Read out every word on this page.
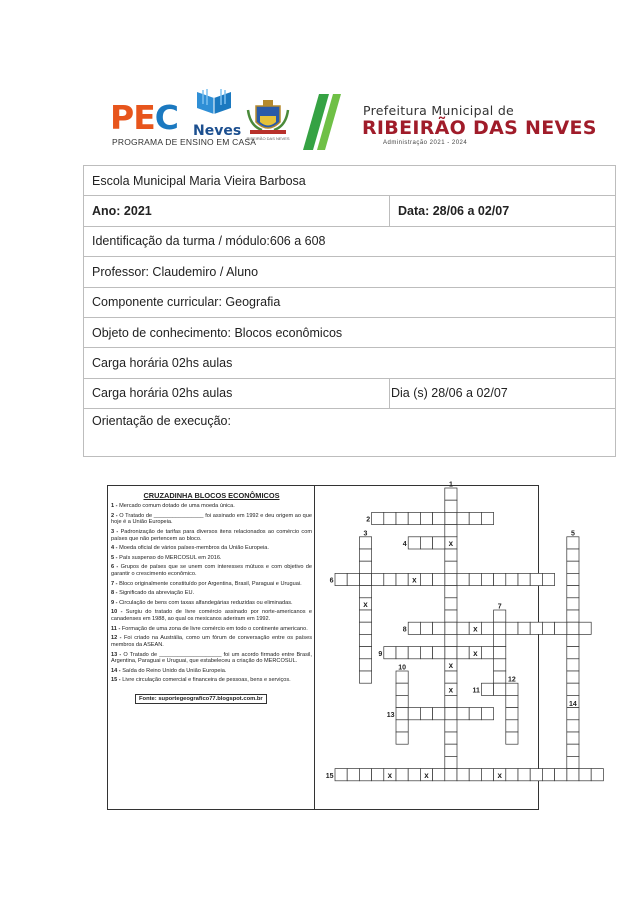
PEC Neves
PROGRAMA DE ENSINO EM CASA
RIBEIRÃO DAS NEVES
Prefeitura Municipal de
RIBEIRÃO DAS NEVES
Administração 2021 - 2024
Escola Municipal Maria Vieira Barbosa	
Ano: 2021	Data: 28/06 a 02/07
Identificação da turma / módulo:606 a 608	
Professor: Claudemiro / Aluno	
Componente curricular: Geografia	
Objeto de conhecimento: Blocos econômicos	
Carga horária 02hs aulas	
Carga horária 02hs aulas	Dia (s) 28/06 a 02/07
Orientação de execução:	
CRUZADINHA BLOCOS ECONÔMICOS
1 - Mercado comum dotado de uma moeda única.
2 - O Tratado de ________________ foi assinado em 1992 e deu origem ao que hoje é a União Europeia.
3 - Padronização de tarifas para diversos itens relacionados ao comércio com países que não pertencem ao bloco.
4 - Moeda oficial de vários países-membros da União Europeia.
5 - País suspenso do MERCOSUL em 2016.
6 - Grupos de países que se unem com interesses mútuos e com objetivo de garantir o crescimento econômico.
7 - Bloco originalmente constituído por Argentina, Brasil, Paraguai e Uruguai.
8 - Significado da abreviação EU.
9 - Circulação de bens com taxas alfandegárias reduzidas ou eliminadas.
10 - Surgiu do tratado de livre comércio assinado por norte-americanos e canadenses em 1988, ao qual os mexicanos aderiram em 1992.
11 - Formação de uma zona de livre comércio em todo o continente americano.
12 - Foi criado na Austrália, como um fórum de conversação entre os países membros da ASEAN.
13 - O Tratado de ____________________ foi um acordo firmado entre Brasil, Argentina, Paraguai e Uruguai, que estabeleceu a criação do MERCOSUL.
14 - Saída do Reino Unido da União Europeia.
15 - Livre circulação comercial e financeira de pessoas, bens e serviços.
Fonte: suportegeografico77.blogspot.com.br
1
2
3
4
5
6
7
8
9
10
11
12
13
14
15
x
x
x
x
x
x
x
x	x	x
